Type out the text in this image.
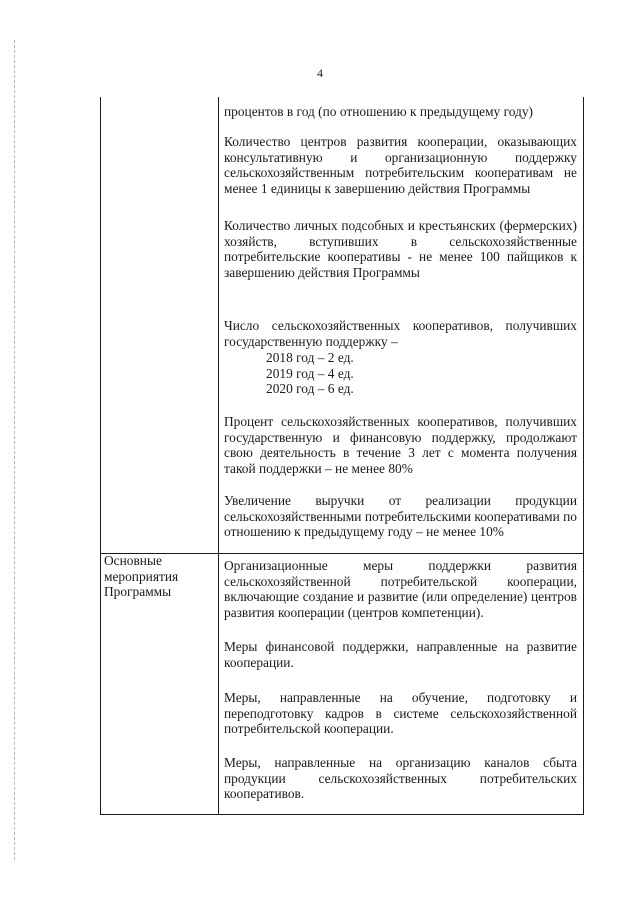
4
процентов в год (по отношению к предыдущему году)
Количество центров развития кооперации, оказывающих консультативную и организационную поддержку сельскохозяйственным потребительским кооперативам не менее 1 единицы к завершению действия Программы
Количество личных подсобных и крестьянских (фермерских) хозяйств, вступивших в сельскохозяйственные потребительские кооперативы - не менее 100 пайщиков к завершению действия Программы
Число сельскохозяйственных кооперативов, получивших государственную поддержку –
2018 год – 2 ед.
2019 год – 4 ед.
2020 год – 6 ед.
Процент сельскохозяйственных кооперативов, получивших государственную и финансовую поддержку, продолжают свою деятельность в течение 3 лет с момента получения такой поддержки – не менее 80%
Увеличение выручки от реализации продукции сельскохозяйственными потребительскими кооперативами по отношению к предыдущему году – не менее 10%
Основные
мероприятия
Программы
Организационные меры поддержки развития сельскохозяйственной потребительской кооперации, включающие создание и развитие (или определение) центров развития кооперации (центров компетенции).
Меры финансовой поддержки, направленные на развитие кооперации.
Меры, направленные на обучение, подготовку и переподготовку кадров в системе сельскохозяйственной потребительской кооперации.
Меры, направленные на организацию каналов сбыта продукции сельскохозяйственных потребительских кооперативов.
